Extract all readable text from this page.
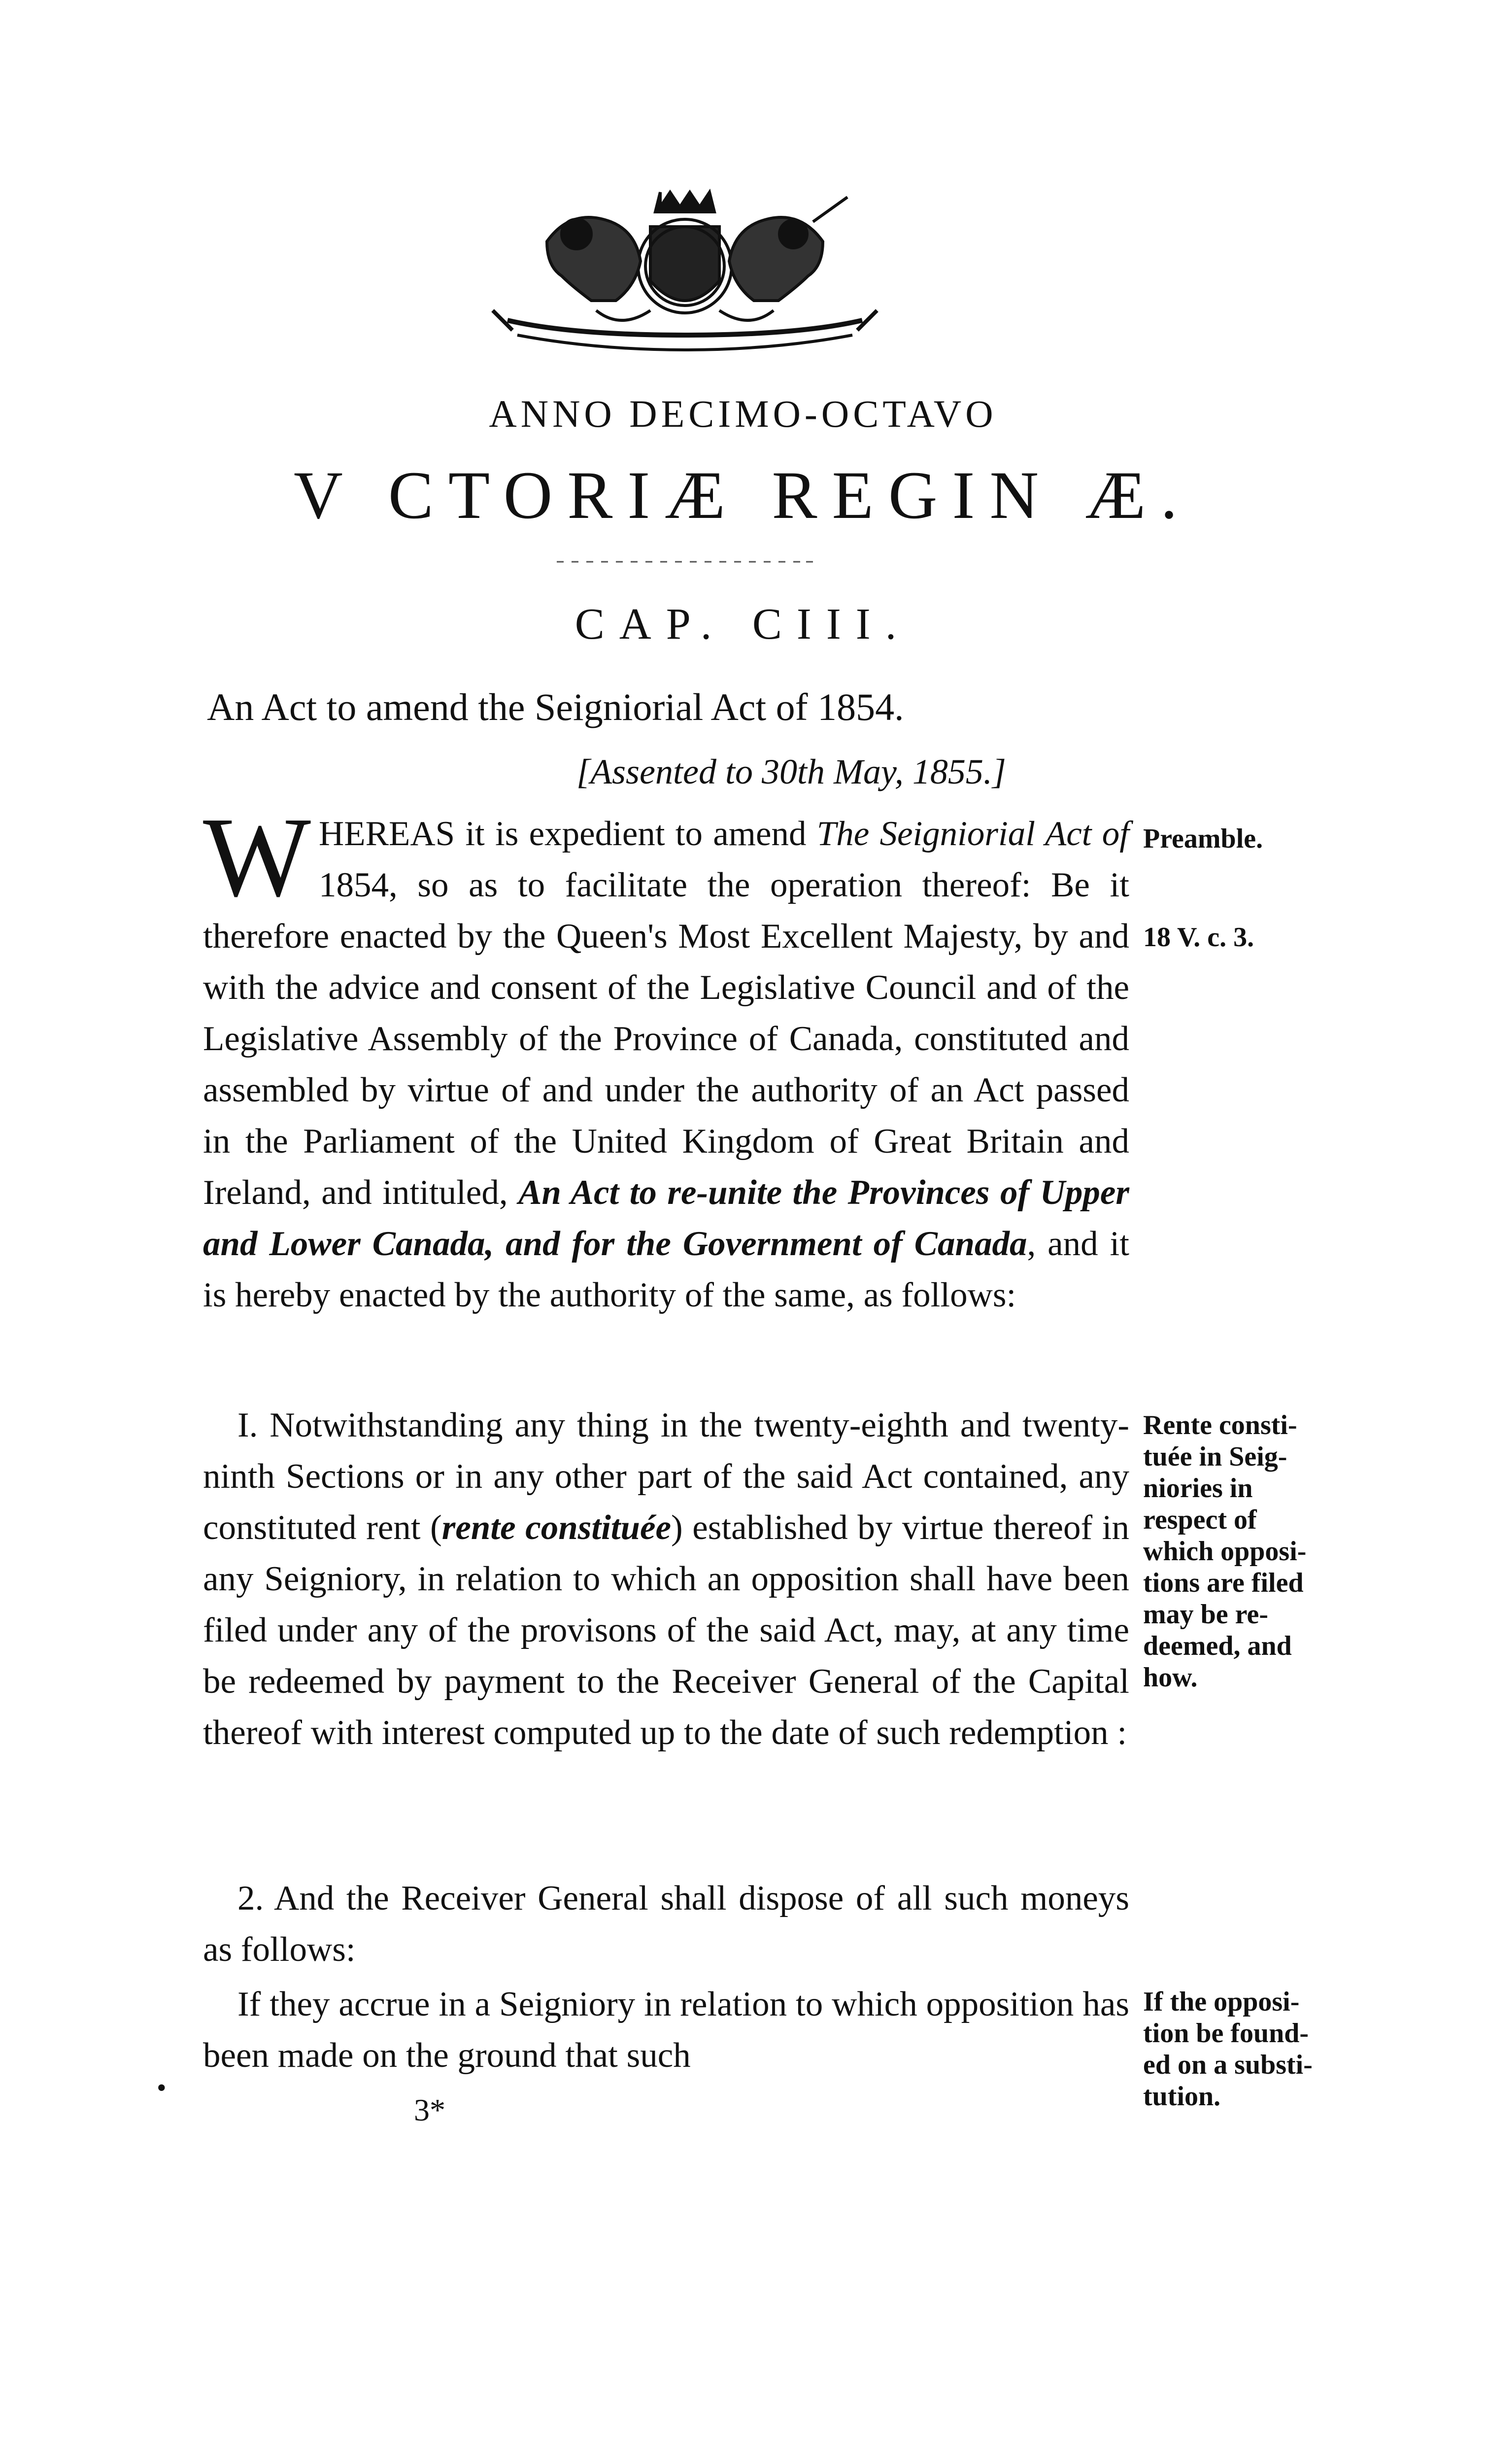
ANNO DECIMO-OCTAVO
V CTORIÆ REGIN Æ.
CAP. CIII.
An Act to amend the Seigniorial Act of 1854.
[Assented to 30th May, 1855.]

WHEREAS it is expedient to amend The Seigniorial Act of 1854, so as to facilitate the operation thereof: Be it therefore enacted by the Queen's Most Excellent Majesty, by and with the advice and consent of the Legislative Council and of the Legislative Assembly of the Province of Canada, constituted and assembled by virtue of and under the authority of an Act passed in the Parliament of the United Kingdom of Great Britain and Ireland, and intituled, An Act to re-unite the Provinces of Upper and Lower Canada, and for the Government of Canada, and it is hereby enacted by the authority of the same, as follows:

I. Notwithstanding any thing in the twenty-eighth and twenty-ninth Sections or in any other part of the said Act contained, any constituted rent (rente constituée) established by virtue thereof in any Seigniory, in relation to which an opposition shall have been filed under any of the provisons of the said Act, may, at any time be redeemed by payment to the Receiver General of the Capital thereof with interest computed up to the date of such redemption :

2. And the Receiver General shall dispose of all such moneys as follows:

If they accrue in a Seigniory in relation to which opposition has been made on the ground that such

Preamble.
18 V. c. 3.
Rente consti-
tuée in Seig-
niories in
respect of
which opposi-
tions are filed
may be re-
deemed, and
how.
If the opposi-
tion be found-
ed on a substi-
tution.
•
3*
